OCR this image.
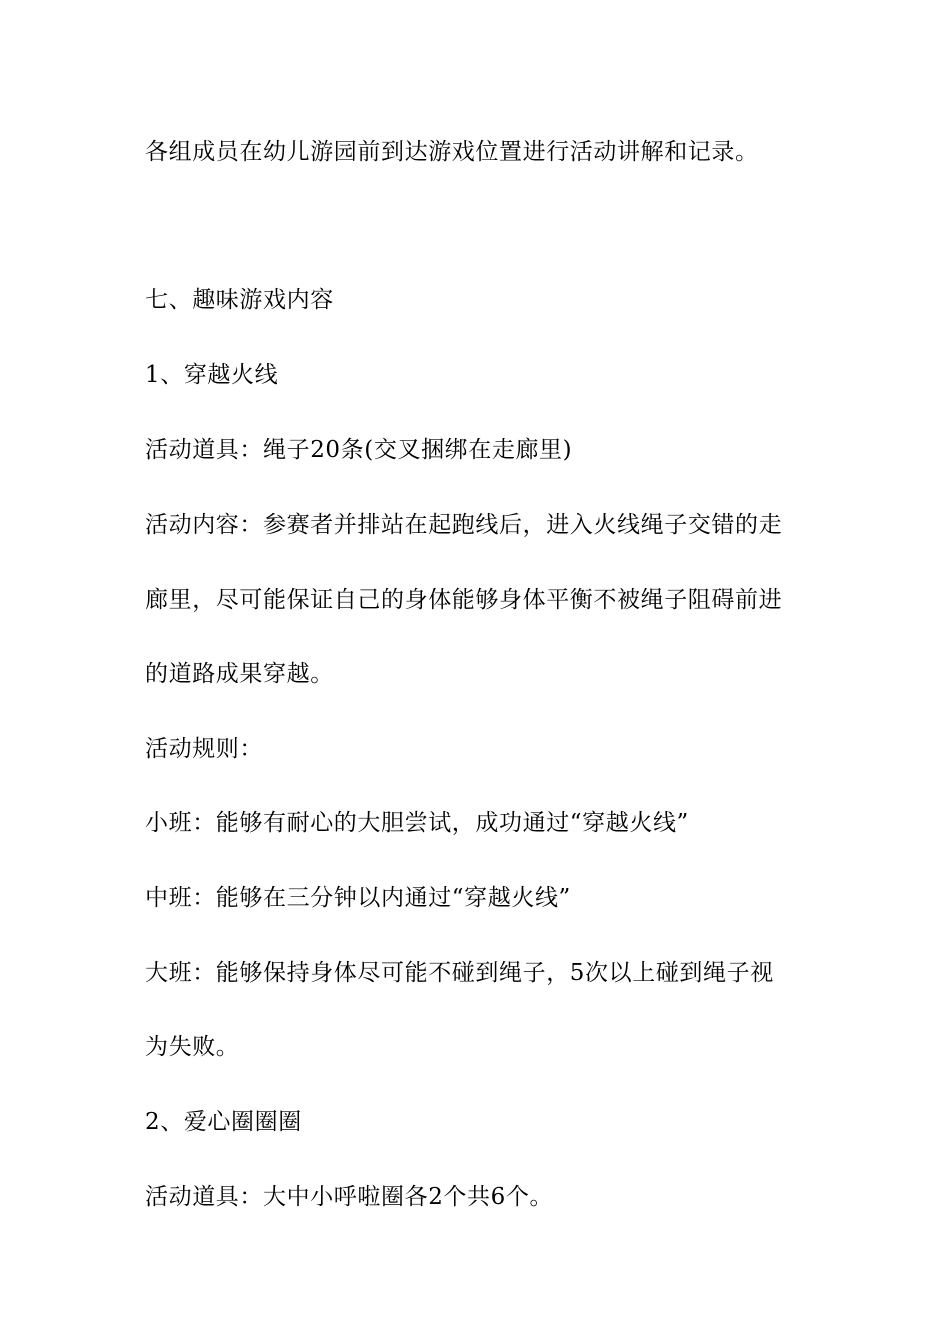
各组成员在幼儿游园前到达游戏位置进行活动讲解和记录。
七、趣味游戏内容
1、穿越火线
活动道具：绳子20条(交叉捆绑在走廊里)
活动内容：参赛者并排站在起跑线后，进入火线绳子交错的走
廊里，尽可能保证自己的身体能够身体平衡不被绳子阻碍前进
的道路成果穿越。
活动规则：
小班：能够有耐心的大胆尝试，成功通过“穿越火线”
中班：能够在三分钟以内通过“穿越火线”
大班：能够保持身体尽可能不碰到绳子，5次以上碰到绳子视
为失败。
2、爱心圈圈圈
活动道具：大中小呼啦圈各2个共6个。
